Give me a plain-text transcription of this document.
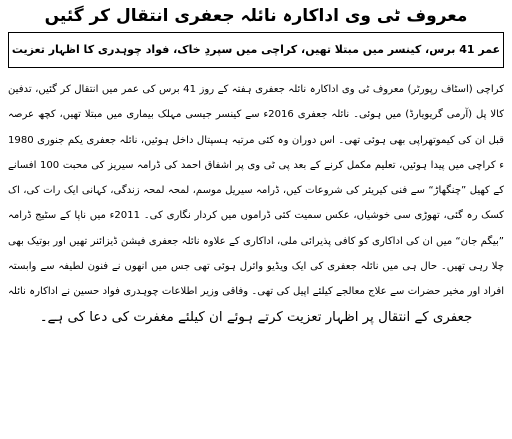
معروف ٹی وی اداکارہ نائلہ جعفری انتقال کر گئیں
عمر 41 برس، کینسر میں مبتلا تھیں، کراچی میں سپردِ خاک، فواد چوہدری کا اظہار تعزیت
کراچی (اسٹاف رپورٹر) معروف ٹی وی اداکارہ نائلہ جعفری ہفتہ کے روز 41 برس کی عمر میں انتقال کر گئیں، تدفین
کالا پل (آرمی گریویارڈ) میں ہوئی۔ نائلہ جعفری 2016ء سے کینسر جیسی مہلک بیماری میں مبتلا تھیں، کچھ عرصہ
قبل ان کی کیموتھراپی بھی ہوئی تھی۔ اس دوران وہ کئی مرتبہ ہسپتال داخل ہوئیں، نائلہ جعفری یکم جنوری 1980
ء کراچی میں پیدا ہوئیں، تعلیم مکمل کرنے کے بعد پی ٹی وی پر اشفاق احمد کی ڈرامہ سیریز کی محبت 100 افسانے
کے کھیل ”چنگھاڑ“ سے فنی کیریئر کی شروعات کیں، ڈرامہ سیریل موسم، لمحہ لمحہ زندگی، کہانی ایک رات کی، اک
کسک رہ گئی، تھوڑی سی خوشیاں، عکس سمیت کئی ڈراموں میں کردار نگاری کی۔ 2011ء میں ناپا کے سٹیج ڈرامہ
”بیگم جان“ میں ان کی اداکاری کو کافی پذیرائی ملی، اداکاری کے علاوہ نائلہ جعفری فیشن ڈیزائنر تھیں اور بوتیک بھی
چلا رہی تھیں۔ حال ہی میں نائلہ جعفری کی ایک ویڈیو وائرل ہوئی تھی جس میں انھوں نے فنون لطیفہ سے وابستہ
افراد اور مخیر حضرات سے علاج معالجے کیلئے اپیل کی تھی۔ وفاقی وزیر اطلاعات چوہدری فواد حسین نے اداکارہ نائلہ
جعفری کے انتقال پر اظہار تعزیت کرتے ہوئے ان کیلئے مغفرت کی دعا کی ہے۔
